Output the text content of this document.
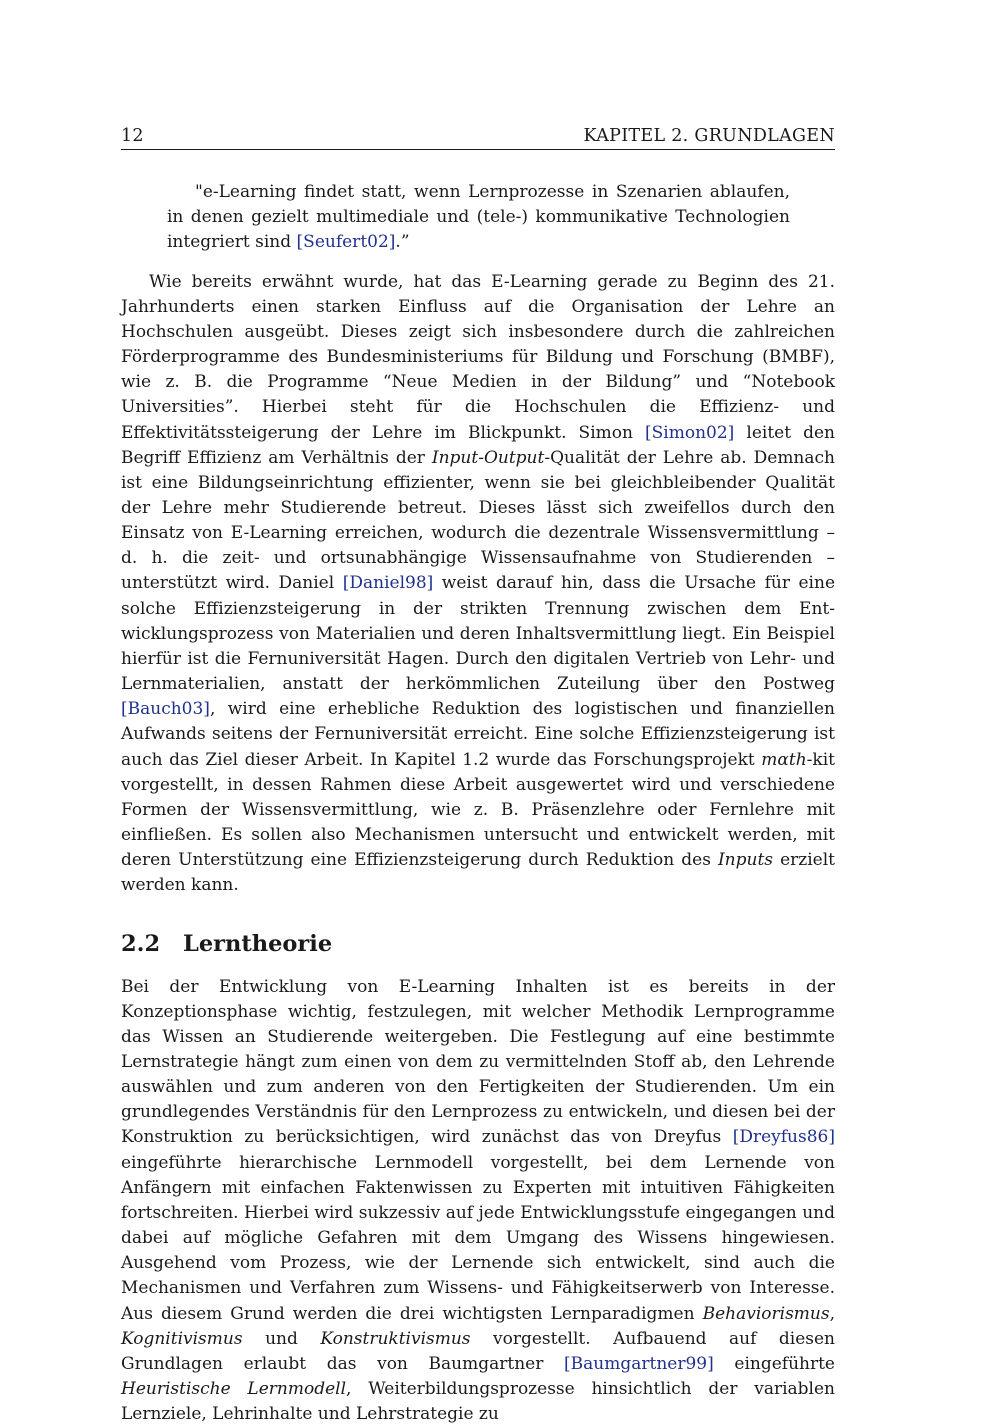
12	KAPITEL 2. GRUNDLAGEN
"e-Learning findet statt, wenn Lernprozesse in Szenarien ablaufen, in denen gezielt multimediale und (tele-) kommunikative Technologien integriert sind [Seufert02].”

Wie bereits erwähnt wurde, hat das E-Learning gerade zu Beginn des 21. Jahrhunderts einen starken Einfluss auf die Organisation der Lehre an Hochschulen ausgeübt. Dieses zeigt sich insbesondere durch die zahlreichen Förderprogramme des Bundesministeriums für Bildung und Forschung (BMBF), wie z. B. die Programme “Neue Medien in der Bildung” und “Notebook Universities”. Hierbei steht für die Hochschulen die Effizienz- und Effektivitätssteigerung der Lehre im Blickpunkt. Simon [Simon02] leitet den Begriff Effizienz am Verhältnis der Input-Output-Qualität der Lehre ab. Demnach ist eine Bildungseinrichtung effizienter, wenn sie bei gleichbleibender Qualität der Lehre mehr Studierende betreut. Dieses lässt sich zweifellos durch den Einsatz von E-Learning erreichen, wodurch die dezentrale Wissensvermittlung – d. h. die zeit- und ortsunabhängige Wissensaufnahme von Studierenden – unterstützt wird. Daniel [Daniel98] weist darauf hin, dass die Ursache für eine solche Effizienzsteigerung in der strikten Trennung zwischen dem Entwicklungsprozess von Materialien und deren Inhaltsvermittlung liegt. Ein Beispiel hierfür ist die Fernuniversität Hagen. Durch den digitalen Vertrieb von Lehr- und Lernmaterialien, anstatt der herkömmlichen Zuteilung über den Postweg [Bauch03], wird eine erhebliche Reduktion des logistischen und finanziellen Aufwands seitens der Fernuniversität erreicht. Eine solche Effizienzsteigerung ist auch das Ziel dieser Arbeit. In Kapitel 1.2 wurde das Forschungsprojekt mαth-kit vorgestellt, in dessen Rahmen diese Arbeit ausgewertet wird und verschiedene Formen der Wissensvermittlung, wie z. B. Präsenzlehre oder Fernlehre mit einfließen. Es sollen also Mechanismen untersucht und entwickelt werden, mit deren Unterstützung eine Effizienzsteigerung durch Reduktion des Inputs erzielt werden kann.

2.2	Lerntheorie

Bei der Entwicklung von E-Learning Inhalten ist es bereits in der Konzeptionsphase wichtig, festzulegen, mit welcher Methodik Lernprogramme das Wissen an Studierende weitergeben. Die Festlegung auf eine bestimmte Lernstrategie hängt zum einen von dem zu vermittelnden Stoff ab, den Lehrende auswählen und zum anderen von den Fertigkeiten der Studierenden. Um ein grundlegendes Verständnis für den Lernprozess zu entwickeln, und diesen bei der Konstruktion zu berücksichtigen, wird zunächst das von Dreyfus [Dreyfus86] eingeführte hierarchische Lernmodell vorgestellt, bei dem Lernende von Anfängern mit einfachen Faktenwissen zu Experten mit intuitiven Fähigkeiten fortschreiten. Hierbei wird sukzessiv auf jede Entwicklungsstufe eingegangen und dabei auf mögliche Gefahren mit dem Umgang des Wissens hingewiesen. Ausgehend vom Prozess, wie der Lernende sich entwickelt, sind auch die Mechanismen und Verfahren zum Wissens- und Fähigkeitserwerb von Interesse. Aus diesem Grund werden die drei wichtigsten Lernparadigmen Behaviorismus, Kognitivismus und Konstruktivismus vorgestellt. Aufbauend auf diesen Grundlagen erlaubt das von Baumgartner [Baumgartner99] eingeführte Heuristische Lernmodell, Weiterbildungsprozesse hinsichtlich der variablen Lernziele, Lehrinhalte und Lehrstrategie zu
